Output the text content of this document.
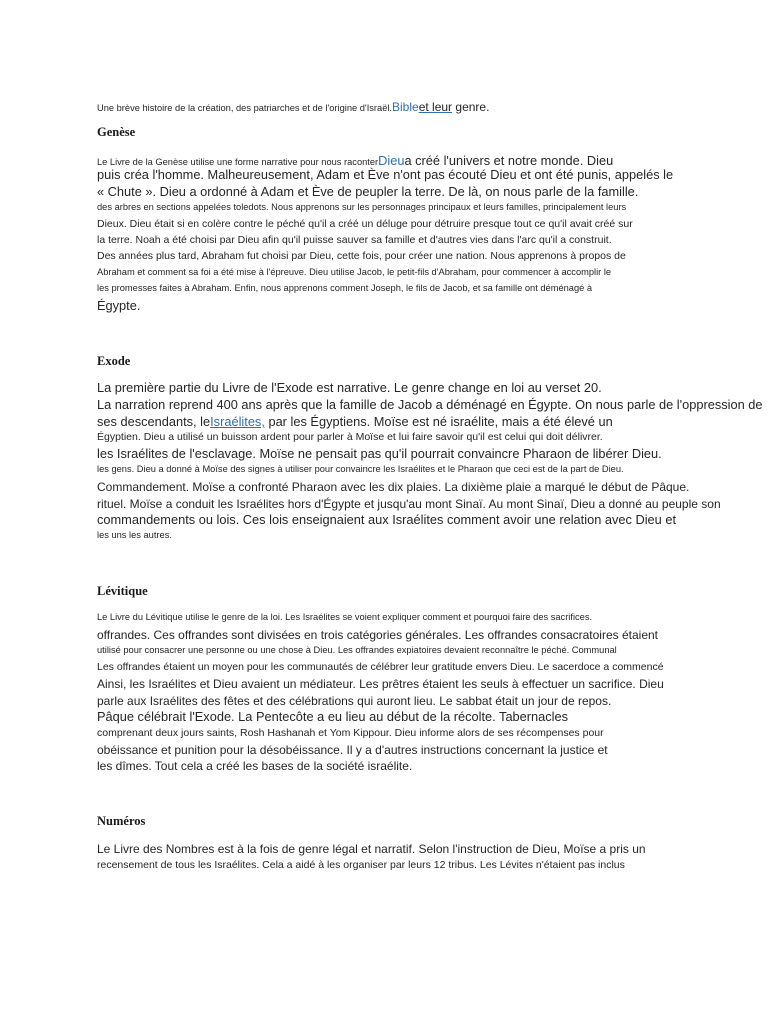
Une brève histoire de la création, des patriarches et de l'origine d'Israël.Bibleet leur genre.
Genèse
Le Livre de la Genèse utilise une forme narrative pour nous raconterDieua créé l'univers et notre monde. Dieu
puis créa l'homme. Malheureusement, Adam et Ève n'ont pas écouté Dieu et ont été punis, appelés le
« Chute ». Dieu a ordonné à Adam et Ève de peupler la terre. De là, on nous parle de la famille.
des arbres en sections appelées toledots. Nous apprenons sur les personnages principaux et leurs familles, principalement leurs
Dieux. Dieu était si en colère contre le péché qu'il a créé un déluge pour détruire presque tout ce qu'il avait créé sur
la terre. Noah a été choisi par Dieu afin qu'il puisse sauver sa famille et d'autres vies dans l'arc qu'il a construit.
Des années plus tard, Abraham fut choisi par Dieu, cette fois, pour créer une nation. Nous apprenons à propos de
Abraham et comment sa foi a été mise à l'épreuve. Dieu utilise Jacob, le petit-fils d'Abraham, pour commencer à accomplir le
les promesses faites à Abraham. Enfin, nous apprenons comment Joseph, le fils de Jacob, et sa famille ont déménagé à
Égypte.
Exode
La première partie du Livre de l'Exode est narrative. Le genre change en loi au verset 20.
La narration reprend 400 ans après que la famille de Jacob a déménagé en Égypte. On nous parle de l'oppression de
ses descendants, leIsraélites, par les Égyptiens. Moïse est né israélite, mais a été élevé un
Égyptien. Dieu a utilisé un buisson ardent pour parler à Moïse et lui faire savoir qu'il est celui qui doit délivrer.
les Israélites de l'esclavage. Moïse ne pensait pas qu'il pourrait convaincre Pharaon de libérer Dieu.
les gens. Dieu a donné à Moïse des signes à utiliser pour convaincre les Israélites et le Pharaon que ceci est de la part de Dieu.
Commandement. Moïse a confronté Pharaon avec les dix plaies. La dixième plaie a marqué le début de Pâque.
rituel. Moïse a conduit les Israélites hors d'Égypte et jusqu'au mont Sinaï. Au mont Sinaï, Dieu a donné au peuple son
commandements ou lois. Ces lois enseignaient aux Israélites comment avoir une relation avec Dieu et
les uns les autres.
Lévitique
Le Livre du Lévitique utilise le genre de la loi. Les Israélites se voient expliquer comment et pourquoi faire des sacrifices.
offrandes. Ces offrandes sont divisées en trois catégories générales. Les offrandes consacratoires étaient
utilisé pour consacrer une personne ou une chose à Dieu. Les offrandes expiatoires devaient reconnaître le péché. Communal
Les offrandes étaient un moyen pour les communautés de célébrer leur gratitude envers Dieu. Le sacerdoce a commencé
Ainsi, les Israélites et Dieu avaient un médiateur. Les prêtres étaient les seuls à effectuer un sacrifice. Dieu
parle aux Israélites des fêtes et des célébrations qui auront lieu. Le sabbat était un jour de repos.
Pâque célébrait l'Exode. La Pentecôte a eu lieu au début de la récolte. Tabernacles
comprenant deux jours saints, Rosh Hashanah et Yom Kippour. Dieu informe alors de ses récompenses pour
obéissance et punition pour la désobéissance. Il y a d'autres instructions concernant la justice et
les dîmes. Tout cela a créé les bases de la société israélite.
Numéros
Le Livre des Nombres est à la fois de genre légal et narratif. Selon l'instruction de Dieu, Moïse a pris un
recensement de tous les Israélites. Cela a aidé à les organiser par leurs 12 tribus. Les Lévites n'étaient pas inclus
